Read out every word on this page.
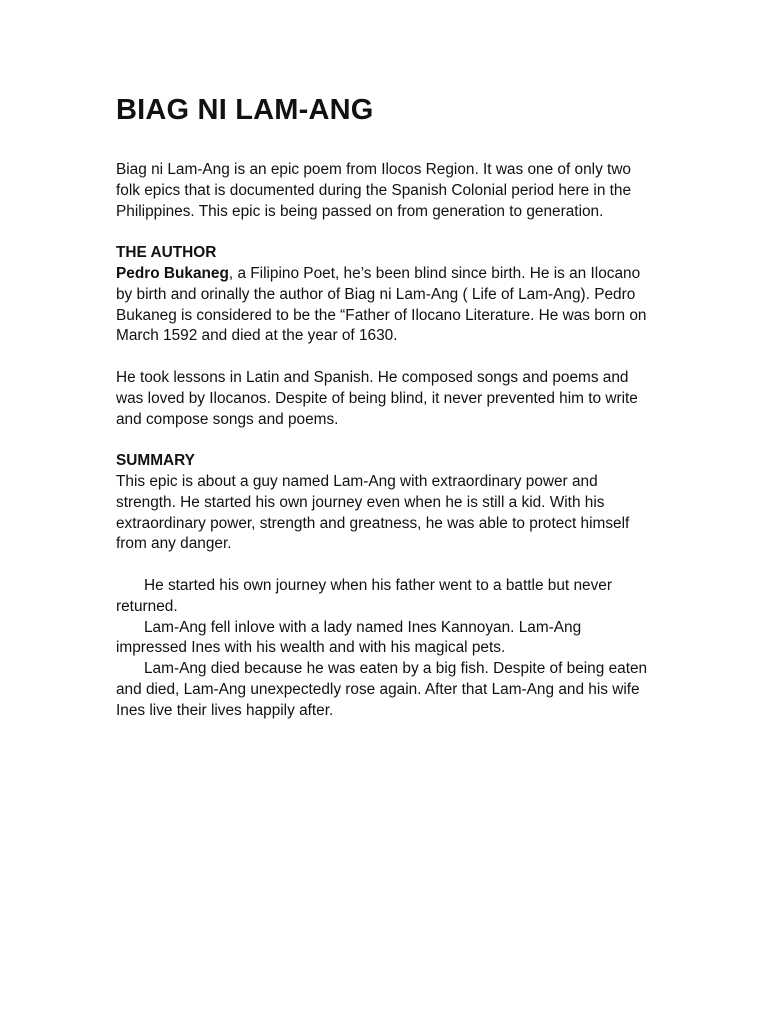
BIAG NI LAM-ANG

Biag ni Lam-Ang is an epic poem from Ilocos Region. It was one of only two folk epics that is documented during the Spanish Colonial period here in the Philippines. This epic is being passed on from generation to generation.

THE AUTHOR

Pedro Bukaneg, a Filipino Poet, he’s been blind since birth. He is an Ilocano by birth and orinally the author of Biag ni Lam-Ang ( Life of Lam-Ang). Pedro Bukaneg is considered to be the “Father of Ilocano Literature. He was born on March 1592 and died at the year of 1630.

He took lessons in Latin and Spanish. He composed songs and poems and was loved by Ilocanos. Despite of being blind, it never prevented him to write and compose songs and poems.

SUMMARY

This epic is about a guy named Lam-Ang with extraordinary power and strength. He started his own journey even when he is still a kid. With his extraordinary power, strength and greatness, he was able to protect himself from any danger.

He started his own journey when his father went to a battle but never returned.

Lam-Ang fell inlove with a lady named Ines Kannoyan. Lam-Ang impressed Ines with his wealth and with his magical pets.

Lam-Ang died because he was eaten by a big fish. Despite of being eaten and died, Lam-Ang unexpectedly rose again. After that Lam-Ang and his wife Ines live their lives happily after.
